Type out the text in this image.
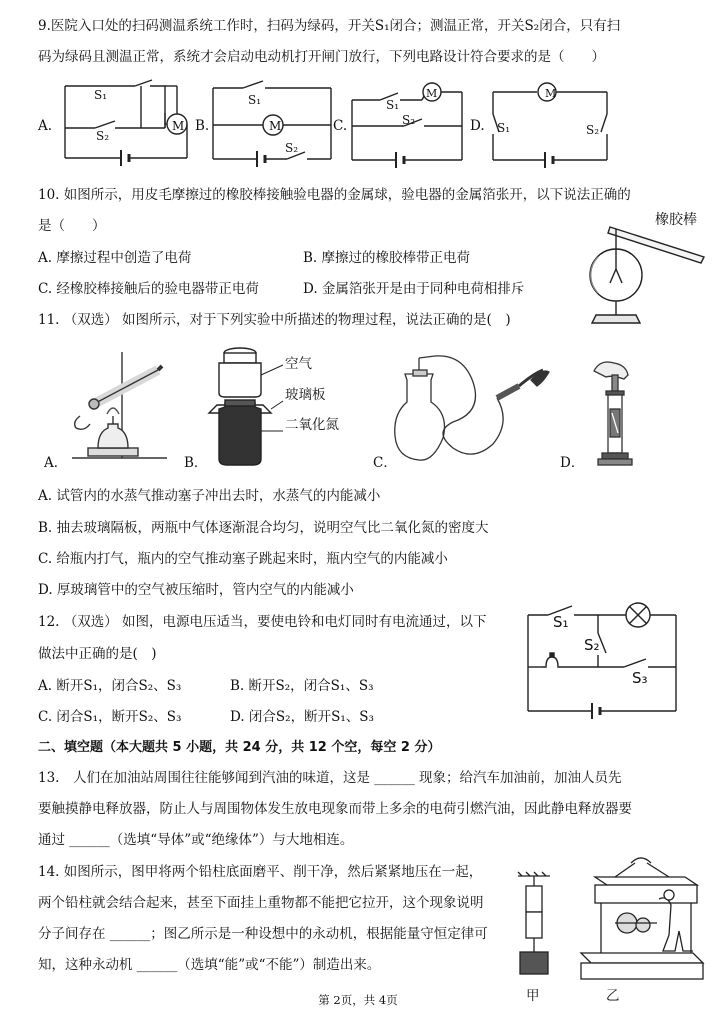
9.医院入口处的扫码测温系统工作时，扫码为绿码，开关S₁闭合；测温正常，开关S₂闭合，只有扫
码为绿码且测温正常，系统才会启动电动机打开闸门放行，下列电路设计符合要求的是（　　）
S₁
S₂
M
A.
S₁
M
S₂
B.
S₁
M
S₂
C.
M
S₁	S₂
D.
10. 如图所示，用皮毛摩擦过的橡胶棒接触验电器的金属球，验电器的金属箔张开，以下说法正确的
是（　　）
A. 摩擦过程中创造了电荷	B. 摩擦过的橡胶棒带正电荷
C. 经橡胶棒接触后的验电器带正电荷	D. 金属箔张开是由于同种电荷相排斥
橡胶棒
11. （双选） 如图所示，对于下列实验中所描述的物理过程，说法正确的是(　)
A．
空气
玻璃板
二氧化氮
B．	C．	D．
A. 试管内的水蒸气推动塞子冲出去时，水蒸气的内能减小
B. 抽去玻璃隔板，两瓶中气体逐渐混合均匀，说明空气比二氧化氮的密度大
C. 给瓶内打气，瓶内的空气推动塞子跳起来时，瓶内空气的内能减小
D. 厚玻璃管中的空气被压缩时，管内空气的内能减小
12. （双选） 如图，电源电压适当，要使电铃和电灯同时有电流通过，以下
做法中正确的是(　)
A. 断开S₁，闭合S₂、S₃	B. 断开S₂，闭合S₁、S₃
C. 闭合S₁，断开S₂、S₃	D. 闭合S₂，断开S₁、S₃
S₁
S₂
S₃
二、填空题（本大题共 5 小题，共 24 分，共 12 个空，每空 2 分）
13.　人们在加油站周围往往能够闻到汽油的味道，这是 ______ 现象；给汽车加油前，加油人员先
要触摸静电释放器，防止人与周围物体发生放电现象而带上多余的电荷引燃汽油，因此静电释放器要
通过 ______（选填“导体”或“绝缘体”）与大地相连。
14. 如图所示，图甲将两个铅柱底面磨平、削干净，然后紧紧地压在一起，
两个铅柱就会结合起来，甚至下面挂上重物都不能把它拉开，这个现象说明
分子间存在 ______；图乙所示是一种设想中的永动机，根据能量守恒定律可
知，这种永动机 ______（选填“能”或“不能”）制造出来。
甲	乙
第 2页，共 4页
